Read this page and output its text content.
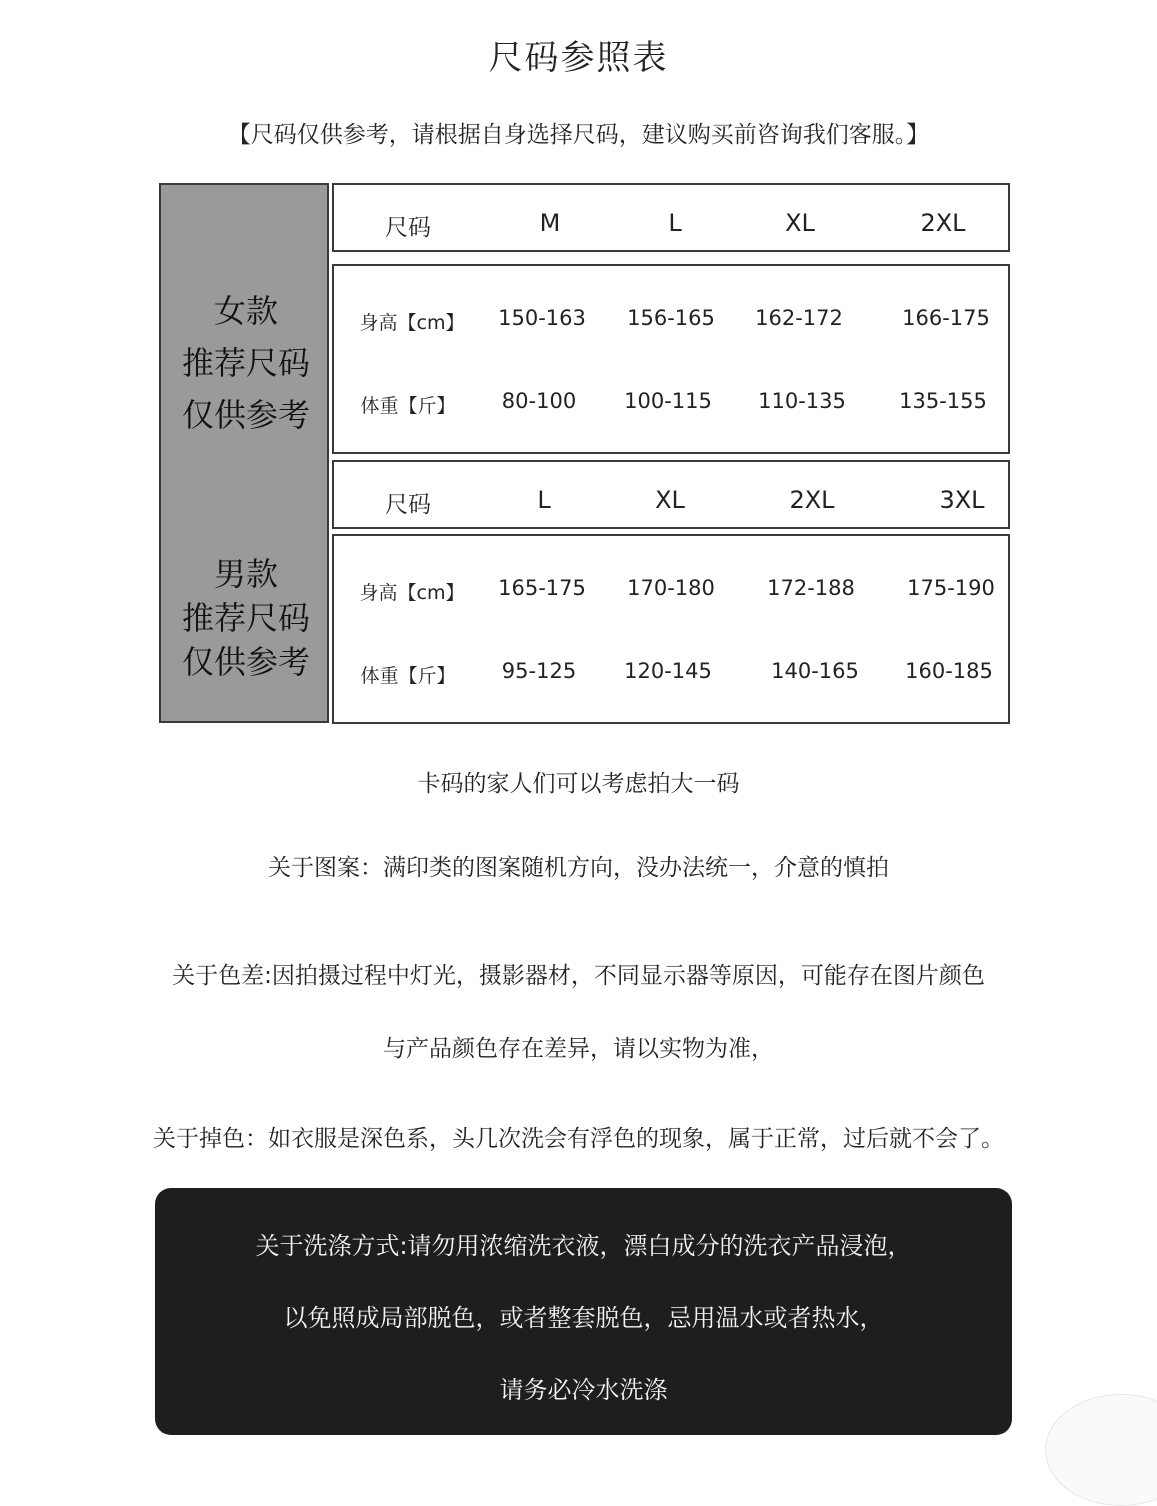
尺码参照表
【尺码仅供参考，请根据自身选择尺码，建议购买前咨询我们客服。】
女款
推荐尺码
仅供参考
男款
推荐尺码
仅供参考
尺码	M	L	XL	2XL
身高【cm】 150-163 156-165 162-172	166-175
体重【斤】 80-100 100-115 110-135	135-155
尺码	L	XL	2XL	3XL
身高【cm】 165-175 170-180 172-188 175-190
体重【斤】 95-125 120-145	140-165 160-185
卡码的家人们可以考虑拍大一码
关于图案：满印类的图案随机方向，没办法统一，介意的慎拍
关于色差:因拍摄过程中灯光，摄影器材，不同显示器等原因，可能存在图片颜色
与产品颜色存在差异，请以实物为准，
关于掉色：如衣服是深色系，头几次洗会有浮色的现象，属于正常，过后就不会了。
关于洗涤方式:请勿用浓缩洗衣液，漂白成分的洗衣产品浸泡，
以免照成局部脱色，或者整套脱色，忌用温水或者热水，
请务必冷水洗涤
